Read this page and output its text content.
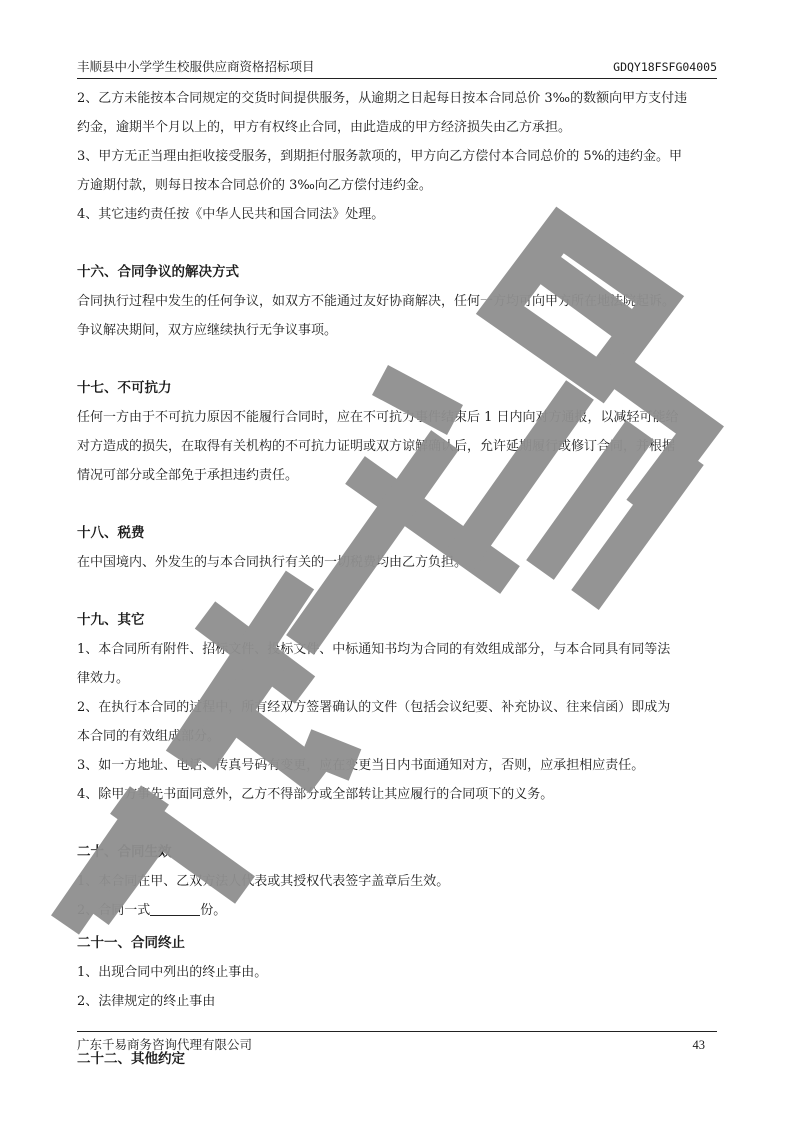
丰顺县中小学学生校服供应商资格招标项目	GDQY18FSFG04005
2、乙方未能按本合同规定的交货时间提供服务，从逾期之日起每日按本合同总价 3‰的数额向甲方支付违
约金，逾期半个月以上的，甲方有权终止合同，由此造成的甲方经济损失由乙方承担。
3、甲方无正当理由拒收接受服务，到期拒付服务款项的，甲方向乙方偿付本合同总价的 5%的违约金。甲
方逾期付款，则每日按本合同总价的 3‰向乙方偿付违约金。
4、其它违约责任按《中华人民共和国合同法》处理。
十六、合同争议的解决方式
合同执行过程中发生的任何争议，如双方不能通过友好协商解决，任何一方均可向甲方所在地法院起诉。
争议解决期间，双方应继续执行无争议事项。
十七、不可抗力
任何一方由于不可抗力原因不能履行合同时，应在不可抗力事件结束后 1 日内向对方通报，以减轻可能给
对方造成的损失，在取得有关机构的不可抗力证明或双方谅解确认后，允许延期履行或修订合同，并根据
情况可部分或全部免于承担违约责任。
十八、税费
在中国境内、外发生的与本合同执行有关的一切税费均由乙方负担。
十九、其它
1、本合同所有附件、招标文件、投标文件、中标通知书均为合同的有效组成部分，与本合同具有同等法
律效力。
2、在执行本合同的过程中，所有经双方签署确认的文件（包括会议纪要、补充协议、往来信函）即成为
本合同的有效组成部分。
3、如一方地址、电话、传真号码有变更，应在变更当日内书面通知对方，否则，应承担相应责任。
4、除甲方事先书面同意外，乙方不得部分或全部转让其应履行的合同项下的义务。
二十、合同生效
1、本合同在甲、乙双方法人代表或其授权代表签字盖章后生效。
2、合同一式	份。
二十一、合同终止
1、出现合同中列出的终止事由。
2、法律规定的终止事由
二十二、其他约定
广东千易商务咨询代理有限公司	43
